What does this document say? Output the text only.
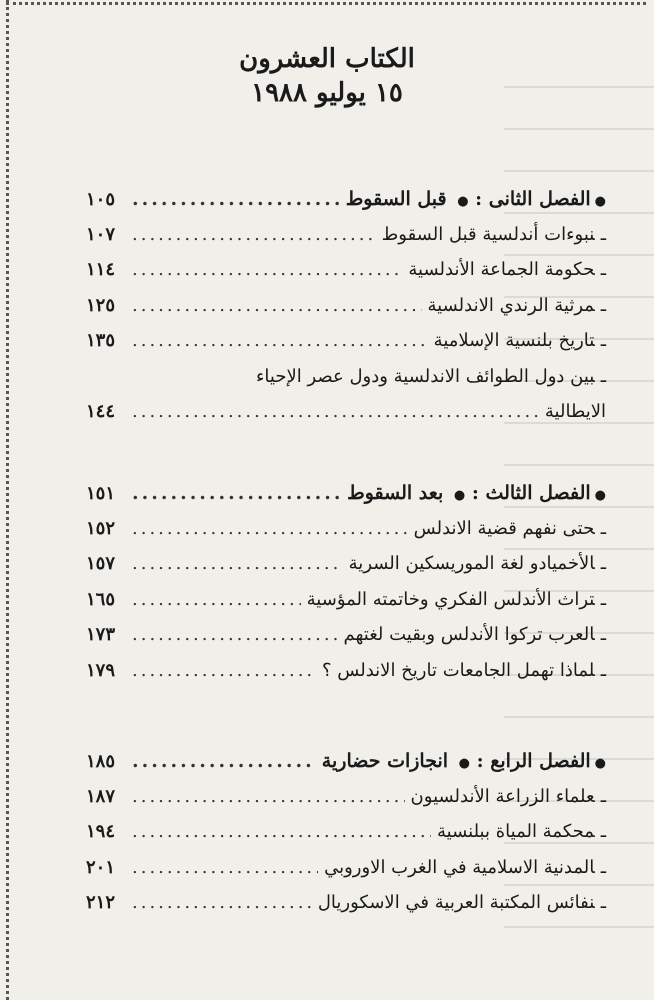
الكتاب العشرون
١٥ يوليو ١٩٨٨
●الفصل الثانى : ● قبل السقوط
.....
١٠٥
ـنبوءات أندلسية قبل السقوط
.....
١٠٧
ـحكومة الجماعة الأندلسية
.....
١١٤
ـمرثية الرندي الاندلسية
.....
١٢٥
ـتاريخ بلنسية الإسلامية
.....
١٣٥
ـبين دول الطوائف الاندلسية ودول عصر الإحياء
الايطالية
.....
١٤٤
●الفصل الثالث : ● بعد السقوط
.....
١٥١
ـحتى نفهم قضية الاندلس
.....
١٥٢
ـالأخميادو لغة الموريسكين السرية
.....
١٥٧
ـتراث الأندلس الفكري وخاتمته المؤسية
.....
١٦٥
ـالعرب تركوا الأندلس وبقيت لغتهم
.....
١٧٣
ـلماذا تهمل الجامعات تاريخ الاندلس ؟
.....
١٧٩
●الفصل الرابع : ● انجازات حضارية
.....
١٨٥
ـعلماء الزراعة الأندلسيون
.....
١٨٧
ـمحكمة المياة ببلنسية
.....
١٩٤
ـالمدنية الاسلامية في الغرب الاوروبي
.....
٢٠١
ـنفائس المكتبة العربية في الاسكوريال
.....
٢١٢
